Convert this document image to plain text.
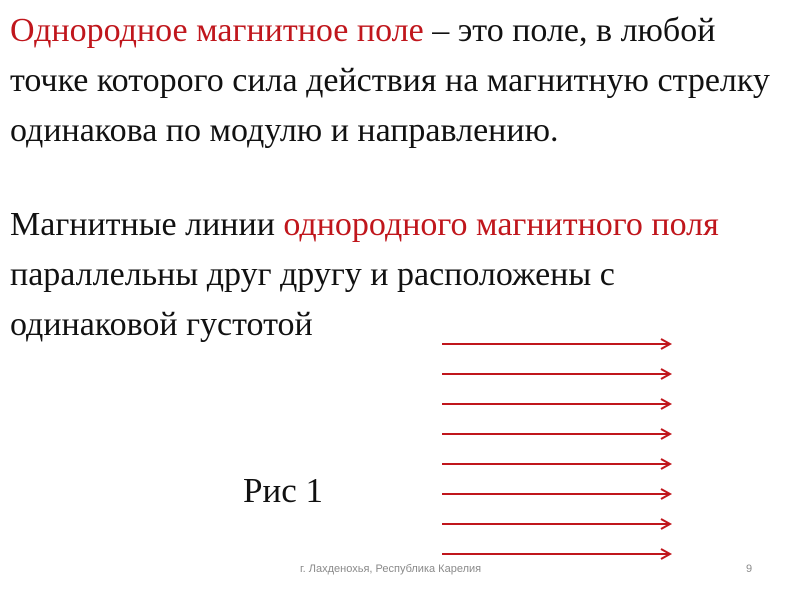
Однородное магнитное поле – это поле, в любой точке которого сила действия на магнитную стрелку одинакова по модулю и направлению.

Магнитные линии однородного магнитного поля параллельны друг другу и расположены с одинаковой густотой

Рис 1
г. Лахденохья, Республика Карелия	9
